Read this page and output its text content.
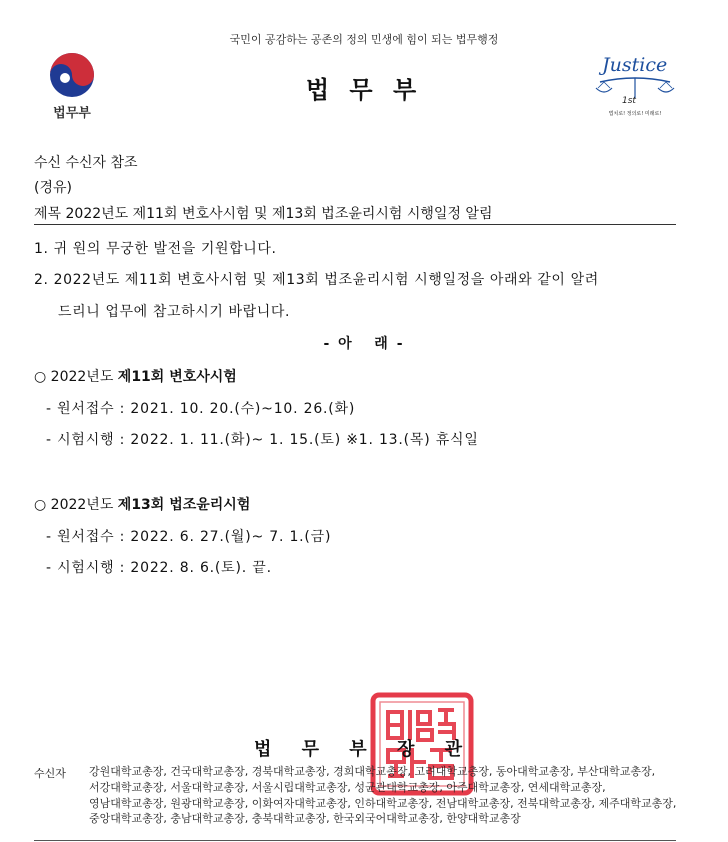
국민이 공감하는 공존의 정의 민생에 힘이 되는 법무행정
법무부
법 무 부
Justice
1st
법치로! 정의로! 미래로!
수신 수신자 참조
(경유)
제목 2022년도 제11회 변호사시험 및 제13회 법조윤리시험 시행일정 알림
1. 귀 원의 무궁한 발전을 기원합니다.
2. 2022년도 제11회 변호사시험 및 제13회 법조윤리시험 시행일정을 아래와 같이 알려
드리니 업무에 참고하시기 바랍니다.
- 아   래 -
○ 2022년도 제11회 변호사시험
- 원서접수 : 2021. 10. 20.(수)~10. 26.(화)
- 시험시행 : 2022. 1. 11.(화)~ 1. 15.(토) ※1. 13.(목) 휴식일
○ 2022년도 제13회 법조윤리시험
- 원서접수 : 2022. 6. 27.(월)~ 7. 1.(금)
- 시험시행 : 2022. 8. 6.(토). 끝.
법 무 부 장 관
수신자 강원대학교총장, 건국대학교총장, 경북대학교총장, 경희대학교총장, 고려대학교총장, 동아대학교총장, 부산대학교총장, 서강대학교총장, 서울대학교총장, 서울시립대학교총장, 성균관대학교총장, 아주대학교총장, 연세대학교총장, 영남대학교총장, 원광대학교총장, 이화여자대학교총장, 인하대학교총장, 전남대학교총장, 전북대학교총장, 제주대학교총장, 중앙대학교총장, 충남대학교총장, 충북대학교총장, 한국외국어대학교총장, 한양대학교총장
